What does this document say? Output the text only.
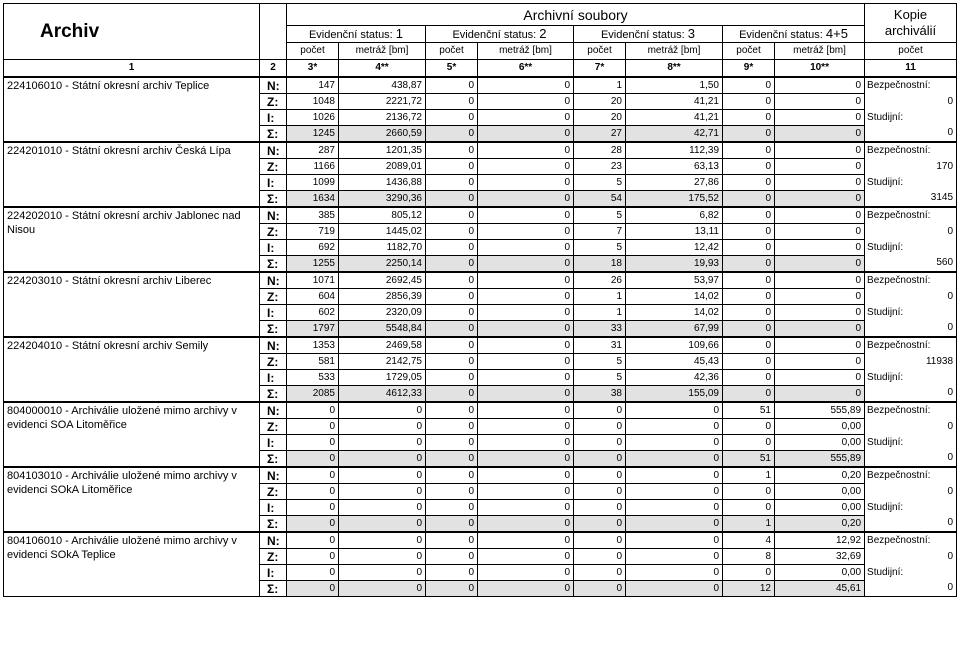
Archiv		Archivní soubory								Kopie
archiválií
		Evidenční status: 1		Evidenční status: 2		Evidenční status: 3		Evidenční status: 4+5		
		počet	metráž [bm]	počet	metráž [bm]	počet	metráž [bm]	počet	metráž [bm]	počet
1	2	3*	4**	5*	6**	7*	8**	9*	10**	11
224106010 - Státní okresní archiv Teplice	N:	147	438,87	0	0	1	1,50	0	0	Bezpečnostní:
	Z:	1048	2221,72	0	0	20	41,21	0	0	0
	I:	1026	2136,72	0	0	20	41,21	0	0	Studijní:
	Σ:	1245	2660,59	0	0	27	42,71	0	0	0
224201010 - Státní okresní archiv Česká Lípa	N:	287	1201,35	0	0	28	112,39	0	0	Bezpečnostní:
	Z:	1166	2089,01	0	0	23	63,13	0	0	170
	I:	1099	1436,88	0	0	5	27,86	0	0	Studijní:
	Σ:	1634	3290,36	0	0	54	175,52	0	0	3145
224202010 - Státní okresní archiv Jablonec nad Nisou	N:	385	805,12	0	0	5	6,82	0	0	Bezpečnostní:
	Z:	719	1445,02	0	0	7	13,11	0	0	0
	I:	692	1182,70	0	0	5	12,42	0	0	Studijní:
	Σ:	1255	2250,14	0	0	18	19,93	0	0	560
224203010 - Státní okresní archiv Liberec	N:	1071	2692,45	0	0	26	53,97	0	0	Bezpečnostní:
	Z:	604	2856,39	0	0	1	14,02	0	0	0
	I:	602	2320,09	0	0	1	14,02	0	0	Studijní:
	Σ:	1797	5548,84	0	0	33	67,99	0	0	0
224204010 - Státní okresní archiv Semily	N:	1353	2469,58	0	0	31	109,66	0	0	Bezpečnostní:
	Z:	581	2142,75	0	0	5	45,43	0	0	11938
	I:	533	1729,05	0	0	5	42,36	0	0	Studijní:
	Σ:	2085	4612,33	0	0	38	155,09	0	0	0
804000010 - Archiválie uložené mimo archivy v evidenci SOA Litoměřice	N:	0	0	0	0	0	0	51	555,89	Bezpečnostní:
	Z:	0	0	0	0	0	0	0	0,00	0
	I:	0	0	0	0	0	0	0	0,00	Studijní:
	Σ:	0	0	0	0	0	0	51	555,89	0
804103010 - Archiválie uložené mimo archivy v evidenci SOkA Litoměřice	N:	0	0	0	0	0	0	1	0,20	Bezpečnostní:
	Z:	0	0	0	0	0	0	0	0,00	0
	I:	0	0	0	0	0	0	0	0,00	Studijní:
	Σ:	0	0	0	0	0	0	1	0,20	0
804106010 - Archiválie uložené mimo archivy v evidenci SOkA Teplice	N:	0	0	0	0	0	0	4	12,92	Bezpečnostní:
	Z:	0	0	0	0	0	0	8	32,69	0
	I:	0	0	0	0	0	0	0	0,00	Studijní:
	Σ:	0	0	0	0	0	0	12	45,61	0
